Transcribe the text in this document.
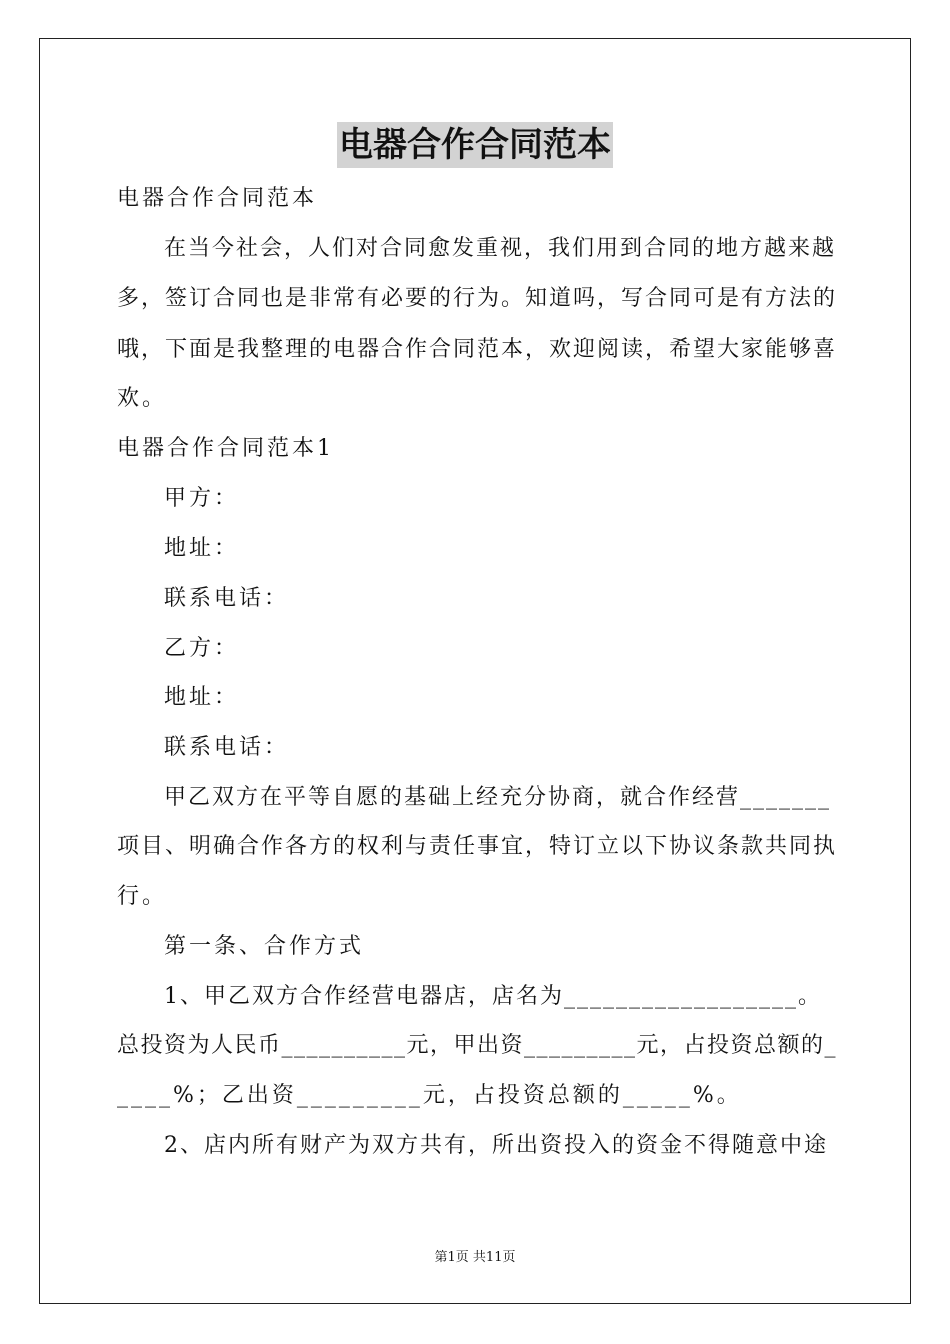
电器合作合同范本
电器合作合同范本
在当今社会，人们对合同愈发重视，我们用到合同的地方越来越
多，签订合同也是非常有必要的行为。知道吗，写合同可是有方法的
哦，下面是我整理的电器合作合同范本，欢迎阅读，希望大家能够喜
欢。
电器合作合同范本1
甲方：
地址：
联系电话：
乙方：
地址：
联系电话：
甲乙双方在平等自愿的基础上经充分协商，就合作经营_______
项目、明确合作各方的权利与责任事宜，特订立以下协议条款共同执
行。
第一条、合作方式
1、甲乙双方合作经营电器店，店名为__________________。
总投资为人民币__________元，甲出资_________元，占投资总额的_
____%；乙出资_________元，占投资总额的_____%。
2、店内所有财产为双方共有，所出资投入的资金不得随意中途
第1页 共11页
